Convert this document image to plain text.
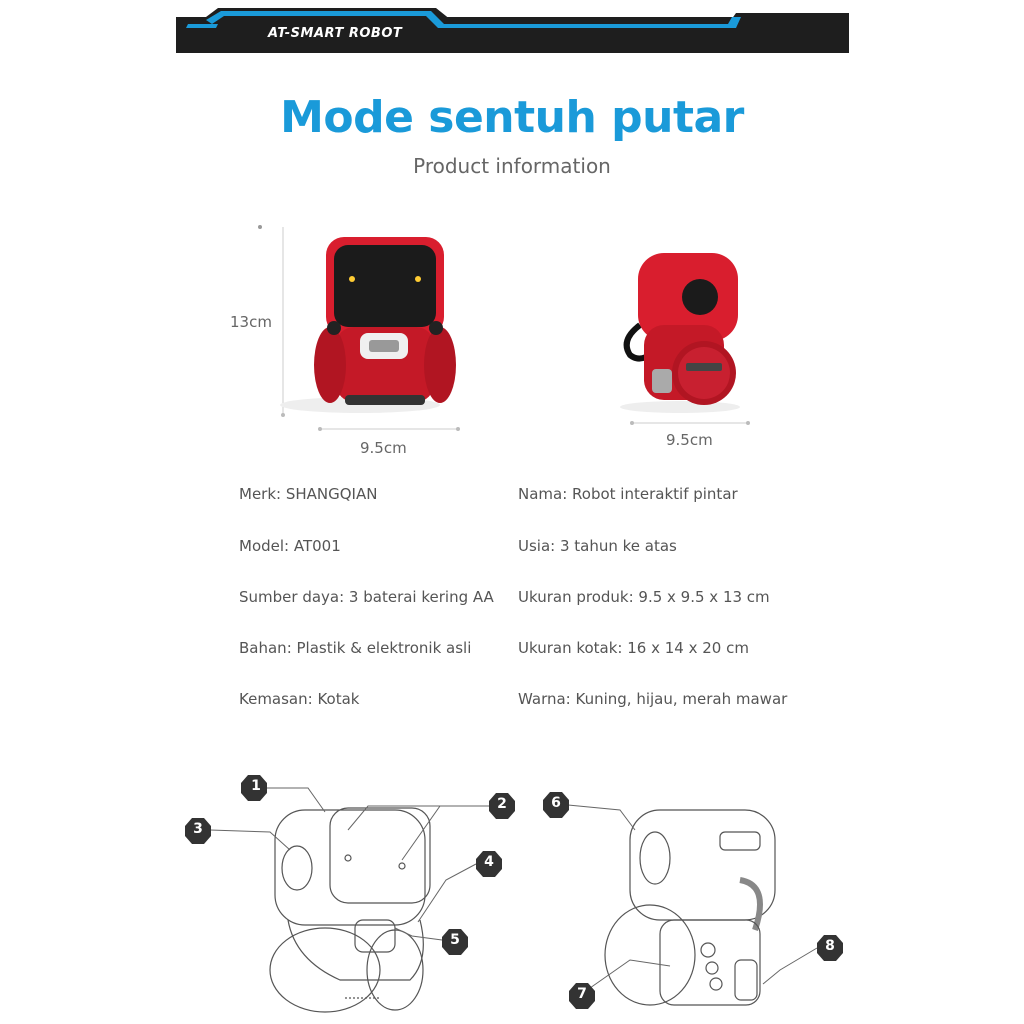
AT-SMART ROBOT
Mode sentuh putar
Product information
13cm
9.5cm	9.5cm
Merk: SHANGQIAN
Model: AT001
Sumber daya: 3 baterai kering AA
Bahan: Plastik & elektronik asli
Kemasan: Kotak
Nama: Robot interaktif pintar
Usia: 3 tahun ke atas
Ukuran produk: 9.5 x 9.5 x 13 cm
Ukuran kotak: 16 x 14 x 20 cm
Warna: Kuning, hijau, merah mawar
1
2
3
4
5
6
7
8
